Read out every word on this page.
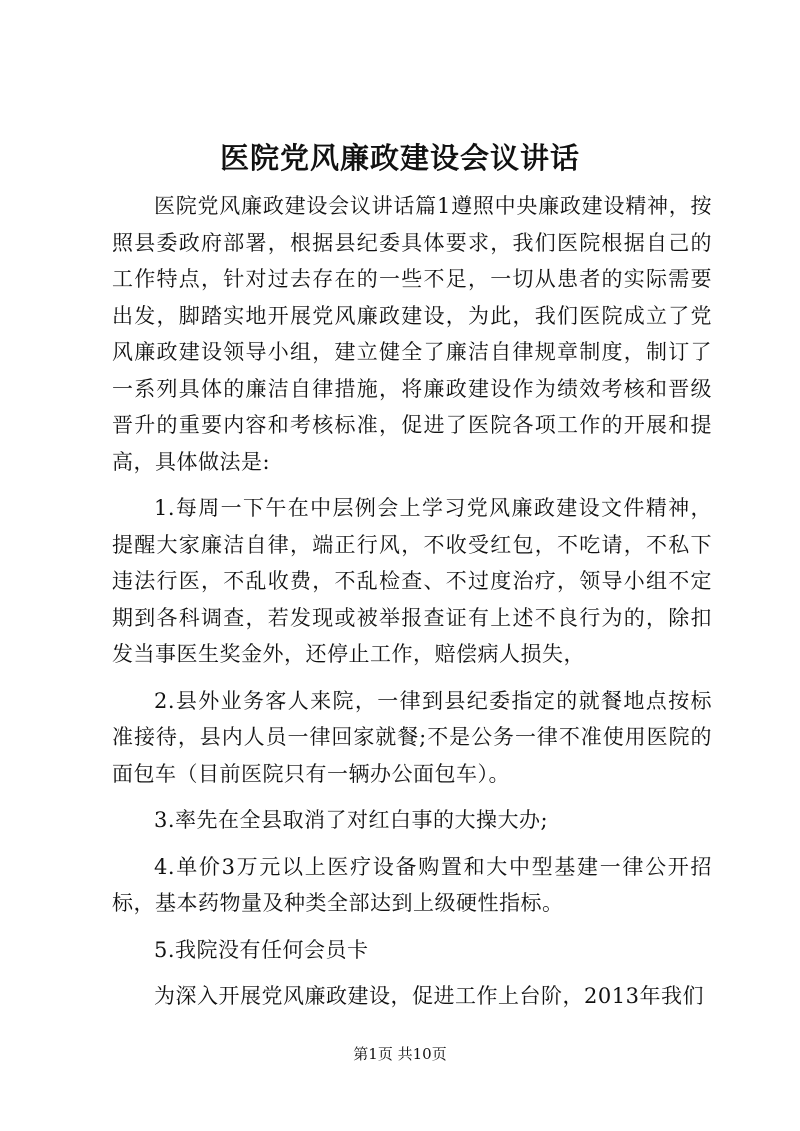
医院党风廉政建设会议讲话

医院党风廉政建设会议讲话篇1遵照中央廉政建设精神，按照县委政府部署，根据县纪委具体要求，我们医院根据自己的工作特点，针对过去存在的一些不足，一切从患者的实际需要出发，脚踏实地开展党风廉政建设，为此，我们医院成立了党风廉政建设领导小组，建立健全了廉洁自律规章制度，制订了一系列具体的廉洁自律措施，将廉政建设作为绩效考核和晋级晋升的重要内容和考核标准，促进了医院各项工作的开展和提高，具体做法是:

1.每周一下午在中层例会上学习党风廉政建设文件精神，提醒大家廉洁自律，端正行风，不收受红包，不吃请，不私下违法行医，不乱收费，不乱检查、不过度治疗，领导小组不定期到各科调查，若发现或被举报查证有上述不良行为的，除扣发当事医生奖金外，还停止工作，赔偿病人损失，

2.县外业务客人来院，一律到县纪委指定的就餐地点按标准接待，县内人员一律回家就餐;不是公务一律不准使用医院的面包车（目前医院只有一辆办公面包车）。

3.率先在全县取消了对红白事的大操大办;

4.单价3万元以上医疗设备购置和大中型基建一律公开招标，基本药物量及种类全部达到上级硬性指标。

5.我院没有任何会员卡

为深入开展党风廉政建设，促进工作上台阶，2013年我们

第1页 共10页
